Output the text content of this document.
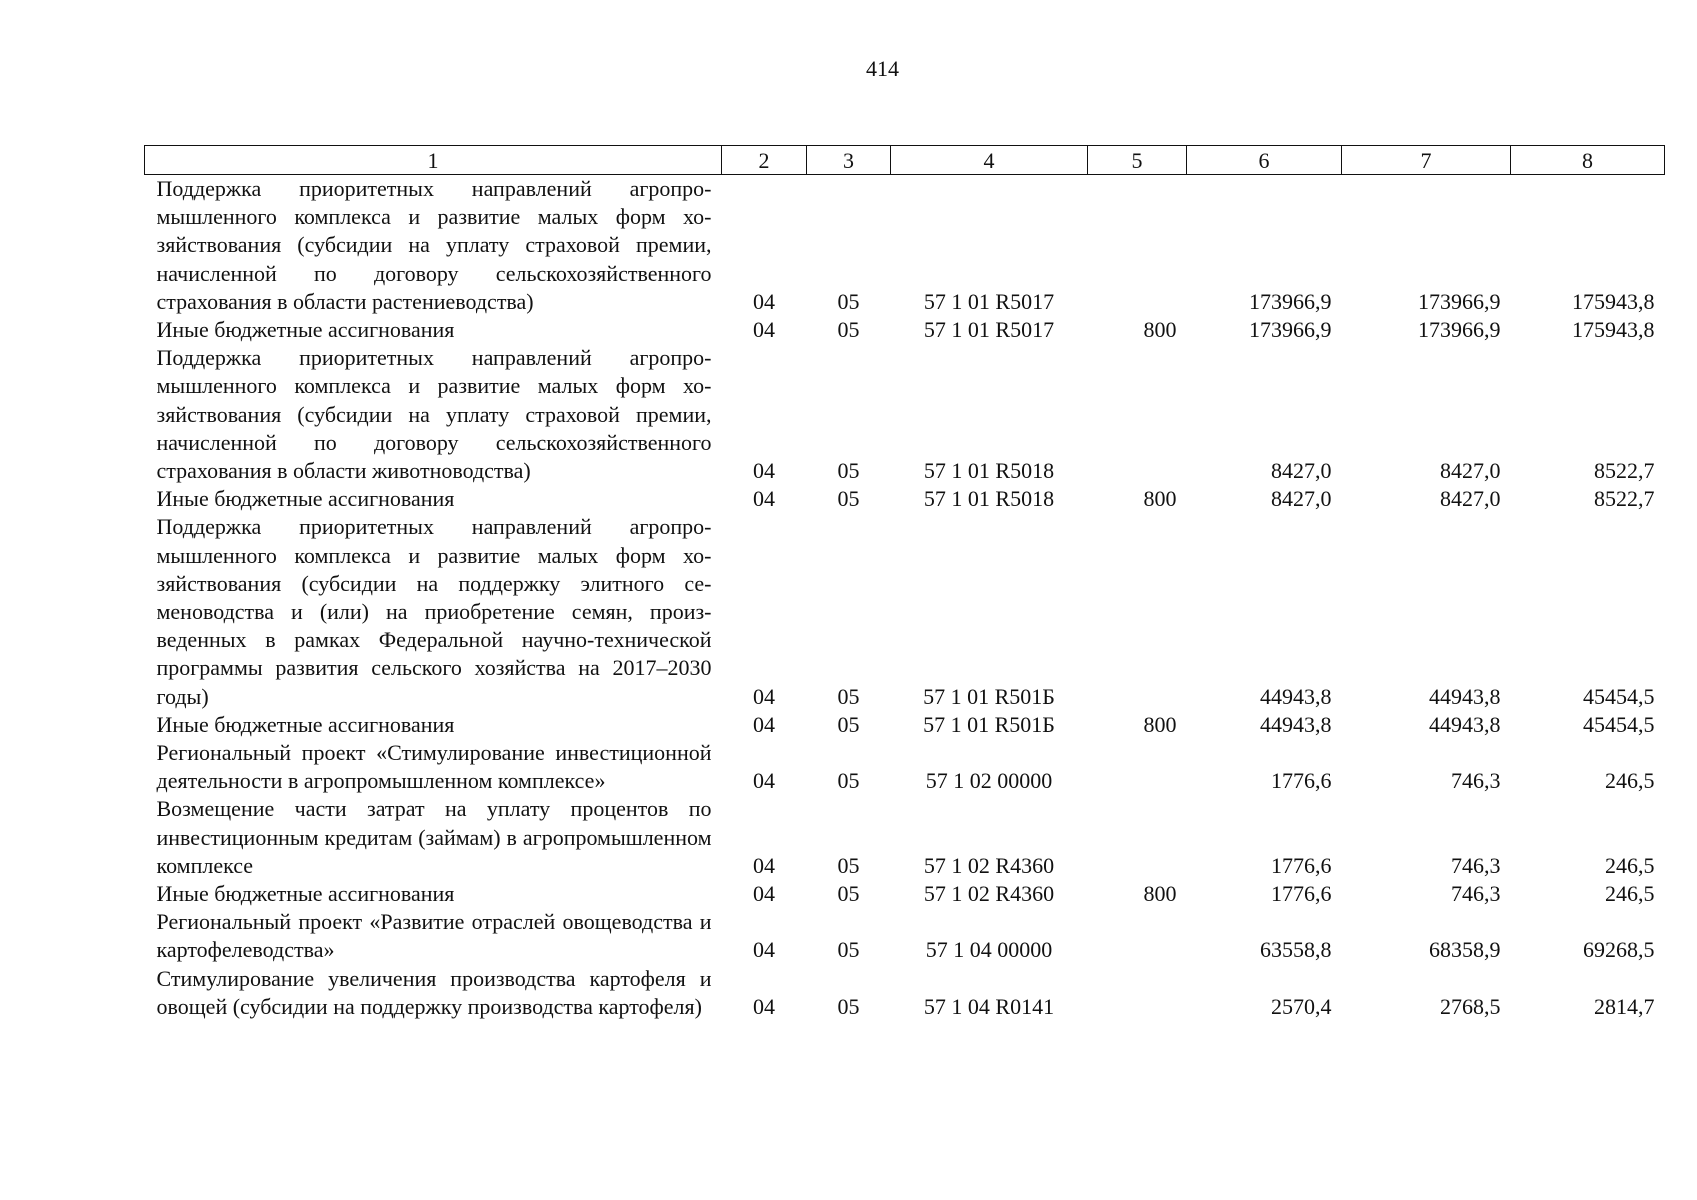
414
1	2	3	4	5	6	7	8
Поддержка приоритетных направлений агропромышленного комплекса и развитие малых форм хозяйствования (субсидии на уплату страховой премии, начисленной по договору сельскохозяйственного страхования в области растениеводства)	04	05	57 1 01 R5017		173966,9	173966,9	175943,8
Иные бюджетные ассигнования	04	05	57 1 01 R5017	800	173966,9	173966,9	175943,8
Поддержка приоритетных направлений агропромышленного комплекса и развитие малых форм хозяйствования (субсидии на уплату страховой премии, начисленной по договору сельскохозяйственного страхования в области животноводства)	04	05	57 1 01 R5018		8427,0	8427,0	8522,7
Иные бюджетные ассигнования	04	05	57 1 01 R5018	800	8427,0	8427,0	8522,7
Поддержка приоритетных направлений агропромышленного комплекса и развитие малых форм хозяйствования (субсидии на поддержку элитного семеноводства и (или) на приобретение семян, произведенных в рамках Федеральной научно-технической программы развития сельского хозяйства на 2017–2030 годы)	04	05	57 1 01 R501Б		44943,8	44943,8	45454,5
Иные бюджетные ассигнования	04	05	57 1 01 R501Б	800	44943,8	44943,8	45454,5
Региональный проект «Стимулирование инвестиционной деятельности в агропромышленном комплексе»	04	05	57 1 02 00000		1776,6	746,3	246,5
Возмещение части затрат на уплату процентов по инвестиционным кредитам (займам) в агропромышленном комплексе	04	05	57 1 02 R4360		1776,6	746,3	246,5
Иные бюджетные ассигнования	04	05	57 1 02 R4360	800	1776,6	746,3	246,5
Региональный проект «Развитие отраслей овощеводства и картофелеводства»	04	05	57 1 04 00000		63558,8	68358,9	69268,5
Стимулирование увеличения производства картофеля и овощей (субсидии на поддержку производства картофеля)	04	05	57 1 04 R0141		2570,4	2768,5	2814,7
